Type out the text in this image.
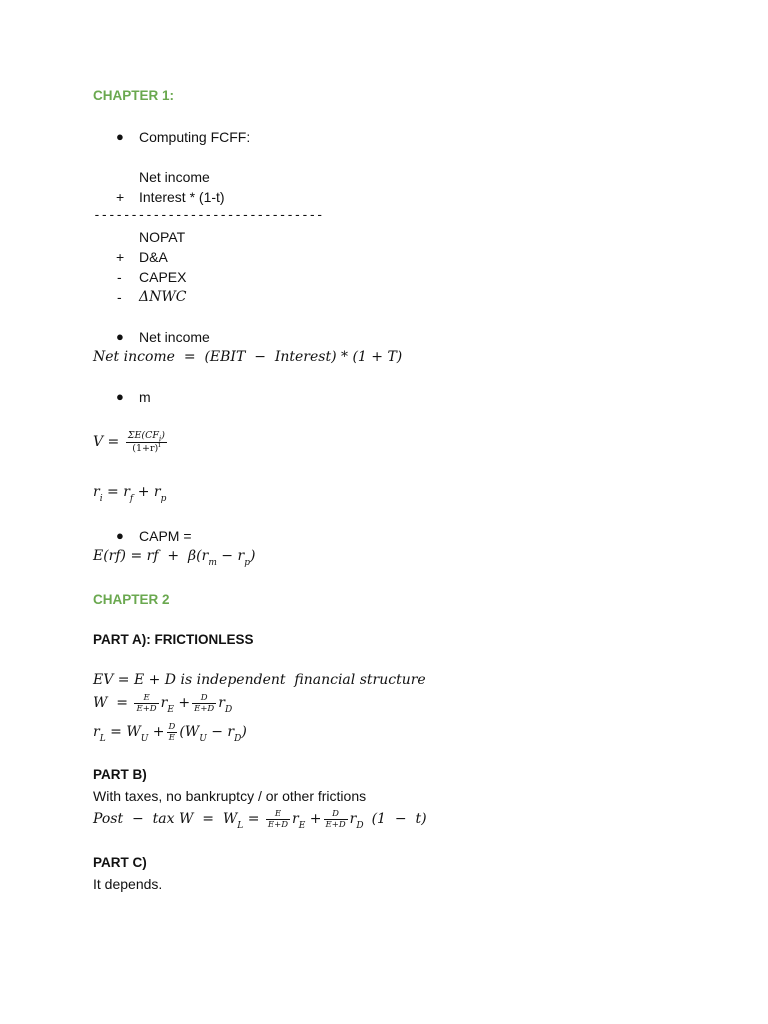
CHAPTER 1:
● Computing FCFF:
Net income
+ Interest * (1-t)
-------------------------------
NOPAT
+ D&A
- CAPEX
- ΔNWC
● Net income
Net income  =  (EBIT  −  Interest) * (1 + T)
● m
$V = \frac{\Sigma E(CF_i)}{(1+r)^i}$
$r_i = r_f + r_p$
● CAPM =
E(rf) = rf  +  $\beta(r_m - r_p)$
CHAPTER 2
PART A): FRICTIONLESS
EV = E + D is independent  financial structure
$W = \frac{E}{E+D} r_E + \frac{D}{E+D} r_D$
$r_L = W_U + \frac{D}{E} (W_U - r_D)$
PART B)
With taxes, no bankruptcy / or other frictions
Post  −  tax $W = W_L = \frac{E}{E+D} r_E + \frac{D}{E+D} r_D$ (1  −  t)
PART C)
It depends.
